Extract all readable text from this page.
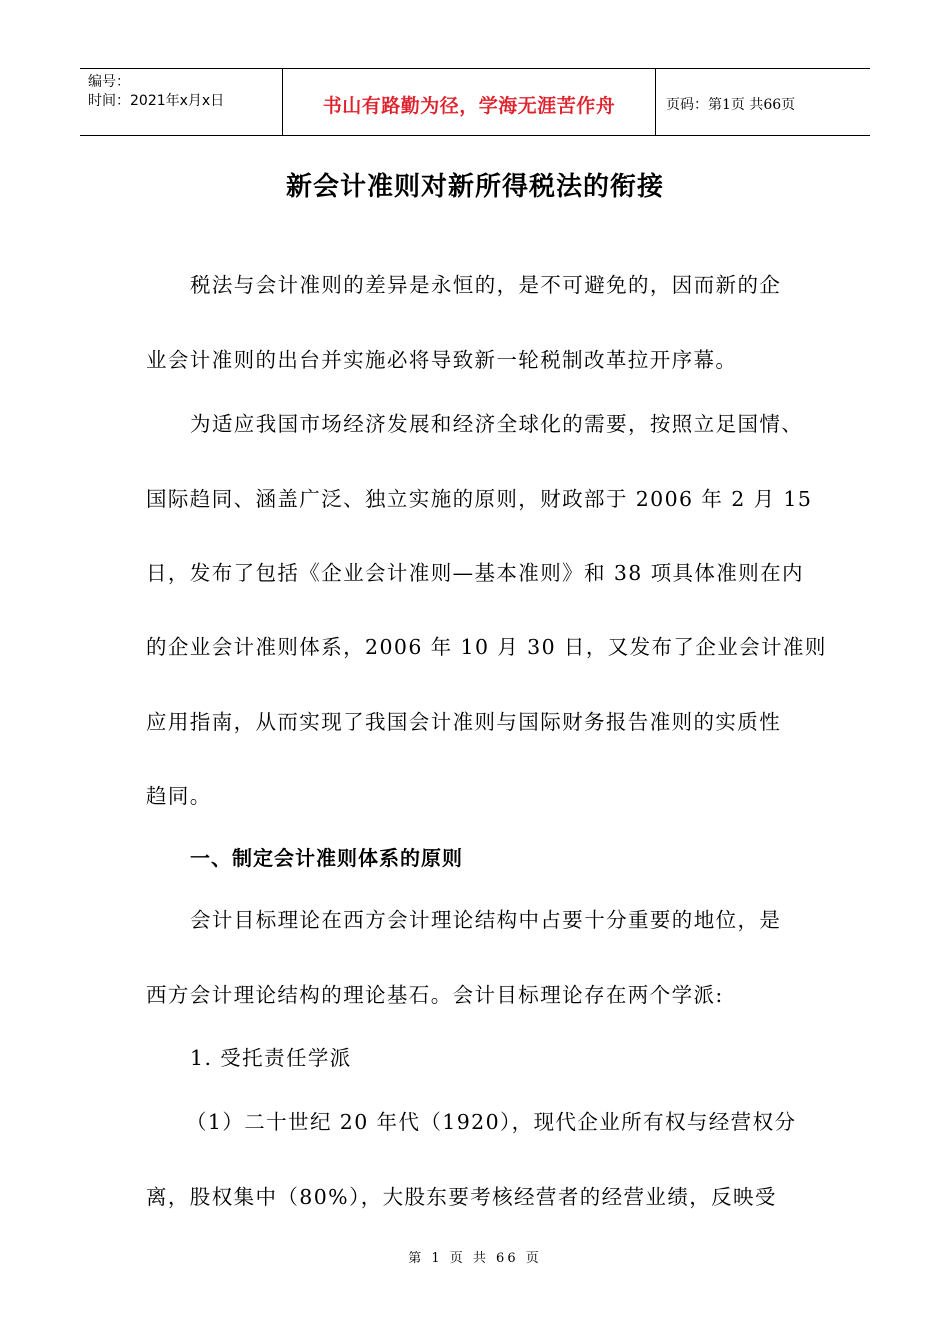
编号：
时间：2021年x月x日	书山有路勤为径，学海无涯苦作舟	页码：第1页 共66页
新会计准则对新所得税法的衔接
税法与会计准则的差异是永恒的，是不可避免的，因而新的企
业会计准则的出台并实施必将导致新一轮税制改革拉开序幕。
为适应我国市场经济发展和经济全球化的需要，按照立足国情、
国际趋同、涵盖广泛、独立实施的原则，财政部于 2006 年 2 月 15
日，发布了包括《企业会计准则—基本准则》和 38 项具体准则在内
的企业会计准则体系，2006 年 10 月 30 日，又发布了企业会计准则
应用指南，从而实现了我国会计准则与国际财务报告准则的实质性
趋同。
一、制定会计准则体系的原则
会计目标理论在西方会计理论结构中占要十分重要的地位，是
西方会计理论结构的理论基石。会计目标理论存在两个学派:
1. 受托责任学派
（1）二十世纪 20 年代（1920），现代企业所有权与经营权分
离，股权集中（80%），大股东要考核经营者的经营业绩，反映受
第 1 页 共 66 页
